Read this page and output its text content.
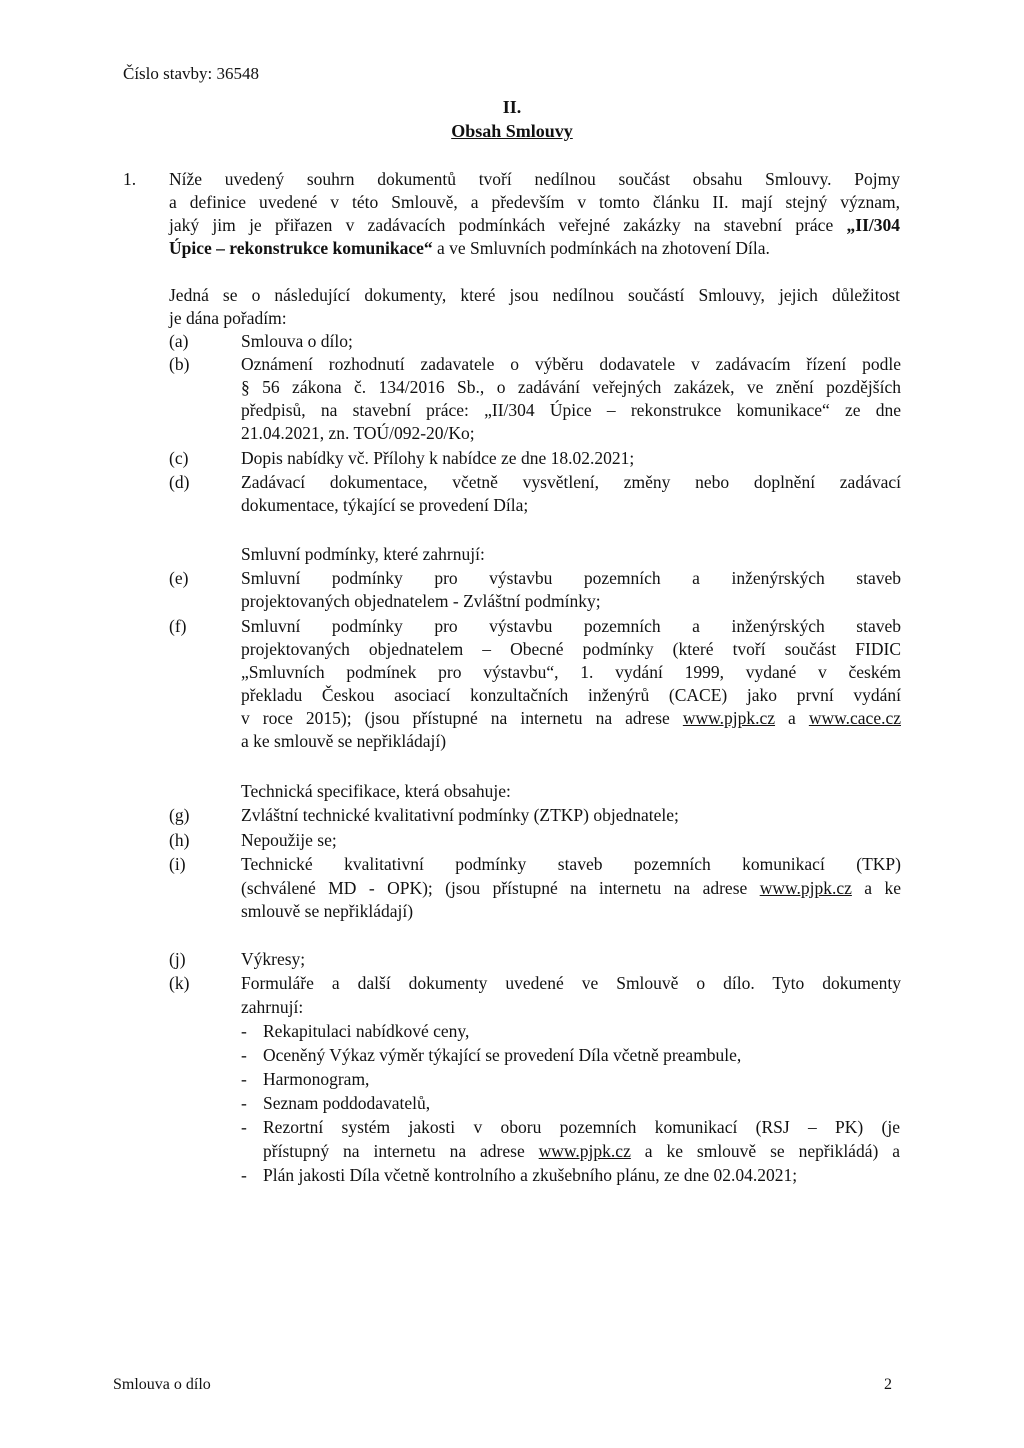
Číslo stavby: 36548
II.
Obsah Smlouvy
1. Níže uvedený souhrn dokumentů tvoří nedílnou součást obsahu Smlouvy. Pojmy
a definice uvedené v této Smlouvě, a především v tomto článku II. mají stejný význam,
jaký jim je přiřazen v zadávacích podmínkách veřejné zakázky na stavební práce „II/304
Úpice – rekonstrukce komunikace“ a ve Smluvních podmínkách na zhotovení Díla.
Jedná se o následující dokumenty, které jsou nedílnou součástí Smlouvy, jejich důležitost
je dána pořadím:
(a)	Smlouva o dílo;
(b)	Oznámení rozhodnutí zadavatele o výběru dodavatele v zadávacím řízení podle
§ 56 zákona č. 134/2016 Sb., o zadávání veřejných zakázek, ve znění pozdějších
předpisů, na stavební práce: „II/304 Úpice – rekonstrukce komunikace“ ze dne
21.04.2021, zn. TOÚ/092-20/Ko;
(c)	Dopis nabídky vč. Přílohy k nabídce ze dne 18.02.2021;
(d)	Zadávací dokumentace, včetně vysvětlení, změny nebo doplnění zadávací
dokumentace, týkající se provedení Díla;
Smluvní podmínky, které zahrnují:
(e)	Smluvní podmínky pro výstavbu pozemních a inženýrských staveb
projektovaných objednatelem - Zvláštní podmínky;
(f)	Smluvní podmínky pro výstavbu pozemních a inženýrských staveb
projektovaných objednatelem – Obecné podmínky (které tvoří součást FIDIC
„Smluvních podmínek pro výstavbu“, 1. vydání 1999, vydané v českém
překladu Českou asociací konzultačních inženýrů (CACE) jako první vydání
v roce 2015); (jsou přístupné na internetu na adrese www.pjpk.cz a www.cace.cz
a ke smlouvě se nepřikládají)
Technická specifikace, která obsahuje:
(g)	Zvláštní technické kvalitativní podmínky (ZTKP) objednatele;
(h)	Nepoužije se;
(i)	Technické kvalitativní podmínky staveb pozemních komunikací (TKP)
(schválené MD - OPK); (jsou přístupné na internetu na adrese www.pjpk.cz a ke
smlouvě se nepřikládají)
(j)	Výkresy;
(k)	Formuláře a další dokumenty uvedené ve Smlouvě o dílo. Tyto dokumenty
zahrnují:
- Rekapitulaci nabídkové ceny,
- Oceněný Výkaz výměr týkající se provedení Díla včetně preambule,
- Harmonogram,
- Seznam poddodavatelů,
- Rezortní systém jakosti v oboru pozemních komunikací (RSJ – PK) (je
přístupný na internetu na adrese www.pjpk.cz a ke smlouvě se nepřikládá) a
- Plán jakosti Díla včetně kontrolního a zkušebního plánu, ze dne 02.04.2021;
Smlouva o dílo	2
